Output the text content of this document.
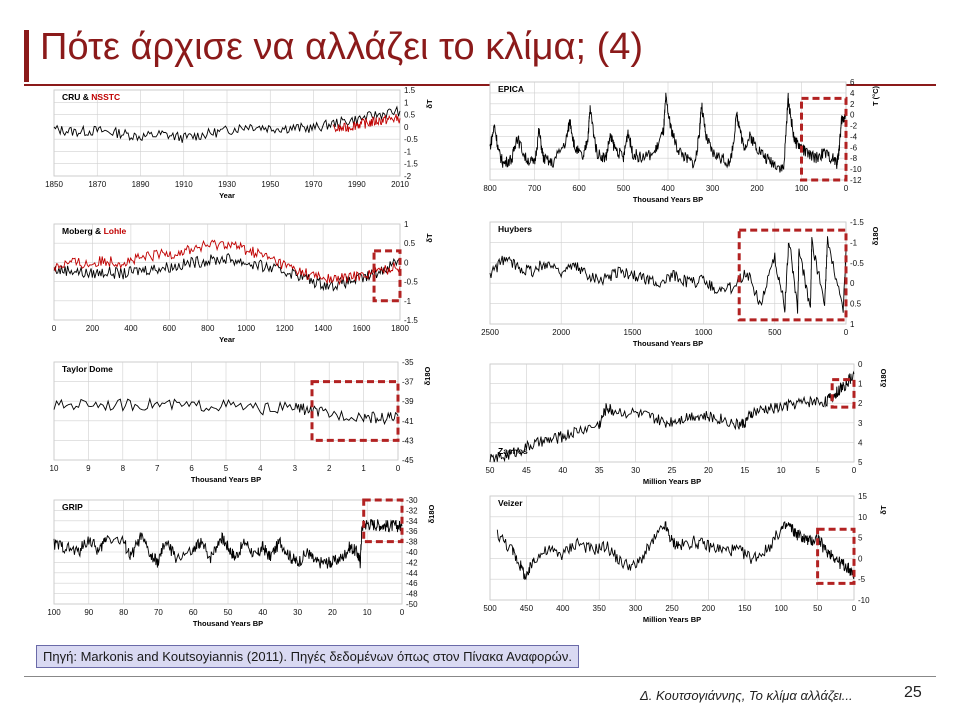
Πότε άρχισε να αλλάζει το κλίμα; (4)
1850	1870	1890	1910	1930	1950	1970	1990	2010
1.5
1
0.5
0
-0.5
-1
-1.5
-2
CRU & NSSTC
Year
δT
800	700	600	500	400	300	200	100	0
6
4
2
0
-2
-4
-6
-8
-10
-12
EPICA
Thousand Years BP
T (°C)
0	200	400	600	800	1000	1200	1400	1600	1800
1
0.5
0
-0.5
-1
-1.5
Moberg & Lohle
Year
δT
2500	2000	1500	1000	500	0
-1.5
-1
-0.5
0
0.5
1
Huybers
Thousand Years BP
δ18O
10	9	8	7	6	5	4	3	2	1	0
-35
-37
-39
-41
-43
-45
Taylor Dome
Thousand Years BP
δ18O
50	45	40	35	30	25	20	15	10	5	0
0
1
2
3
4
5
Zachos
Million Years BP
δ18O
100	90	80	70	60	50	40	30	20	10	0
-30
-32
-34
-36
-38
-40
-42
-44
-46
-48
-50
GRIP
Thousand Years BP
δ18O
500	450	400	350	300	250	200	150	100	50	0
15
10
5
0
-5
-10
Veizer
Million Years BP
δT
Πηγή: Markonis and Koutsoyiannis (2011). Πηγές δεδομένων όπως στον Πίνακα Αναφορών.
Δ. Κουτσογιάννης, Το κλίμα αλλάζει...	25
